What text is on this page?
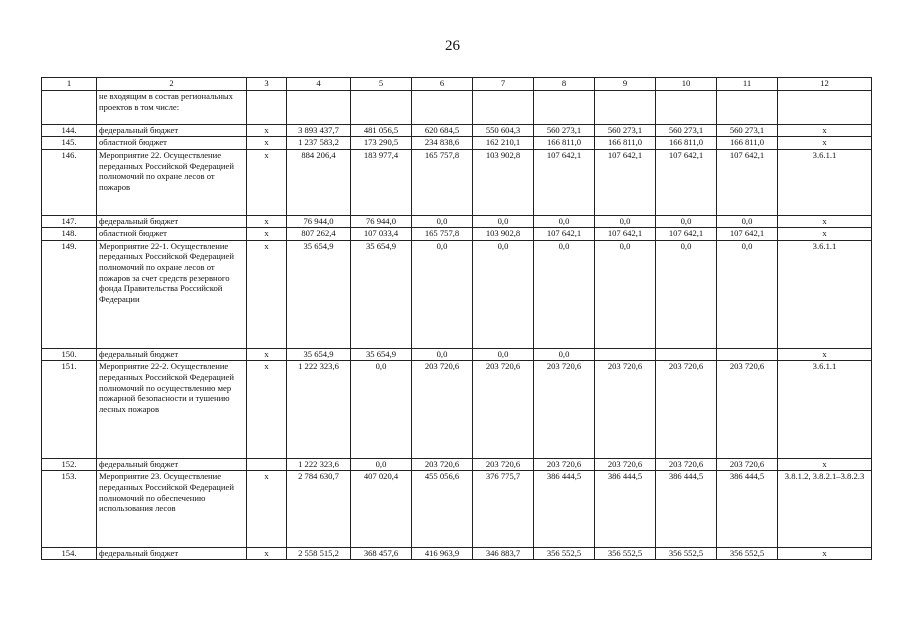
26
1	2	3	4	5	6	7	8	9	10	11	12
	не входящим в состав региональных проектов в том числе:										
144.	федеральный бюджет	x	3 893 437,7	481 056,5	620 684,5	550 604,3	560 273,1	560 273,1	560 273,1	560 273,1	x
145.	областной бюджет	x	1 237 583,2	173 290,5	234 838,6	162 210,1	166 811,0	166 811,0	166 811,0	166 811,0	x
146.	Мероприятие 22. Осуществление переданных Российской Федерацией полномочий по охране лесов от пожаров	x	884 206,4	183 977,4	165 757,8	103 902,8	107 642,1	107 642,1	107 642,1	107 642,1	3.6.1.1
147.	федеральный бюджет	x	76 944,0	76 944,0	0,0	0,0	0,0	0,0	0,0	0,0	x
148.	областной бюджет	x	807 262,4	107 033,4	165 757,8	103 902,8	107 642,1	107 642,1	107 642,1	107 642,1	x
149.	Мероприятие 22-1. Осуществление переданных Российской Федерацией полномочий по охране лесов от пожаров за счет средств резервного фонда Правительства Российской Федерации	x	35 654,9	35 654,9	0,0	0,0	0,0	0,0	0,0	0,0	3.6.1.1
150.	федеральный бюджет	x	35 654,9	35 654,9	0,0	0,0	0,0				x
151.	Мероприятие 22-2. Осуществление переданных Российской Федерацией полномочий по осуществлению мер пожарной безопасности и тушению лесных пожаров	x	1 222 323,6	0,0	203 720,6	203 720,6	203 720,6	203 720,6	203 720,6	203 720,6	3.6.1.1
152.	федеральный бюджет		1 222 323,6	0,0	203 720,6	203 720,6	203 720,6	203 720,6	203 720,6	203 720,6	x
153.	Мероприятие 23. Осуществление переданных Российской Федерацией полномочий по обеспечению использования лесов	x	2 784 630,7	407 020,4	455 056,6	376 775,7	386 444,5	386 444,5	386 444,5	386 444,5	3.8.1.2, 3.8.2.1–3.8.2.3
154.	федеральный бюджет	x	2 558 515,2	368 457,6	416 963,9	346 883,7	356 552,5	356 552,5	356 552,5	356 552,5	x
